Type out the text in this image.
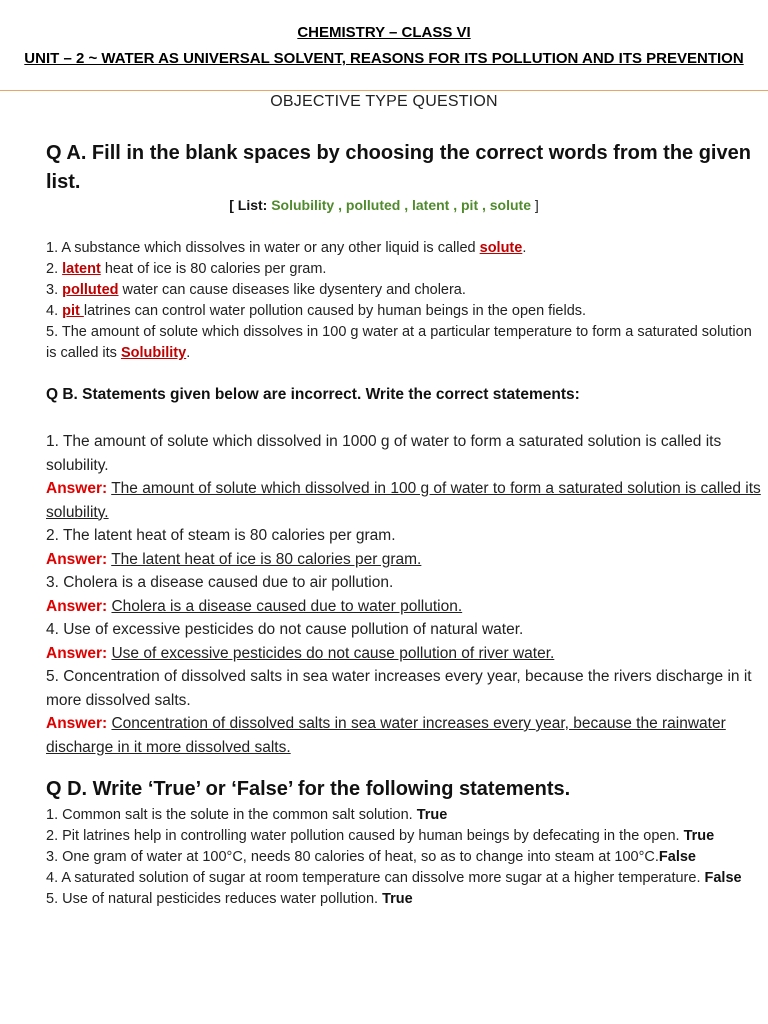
CHEMISTRY – CLASS VI
UNIT – 2 ~ WATER AS UNIVERSAL SOLVENT, REASONS FOR ITS POLLUTION AND ITS PREVENTION
OBJECTIVE TYPE QUESTION
Q A. Fill in the blank spaces by choosing the correct words from the given list.
[ List: Solubility , polluted , latent , pit , solute ]

1. A substance which dissolves in water or any other liquid is called solute.

2. latent heat of ice is 80 calories per gram.

3. polluted water can cause diseases like dysentery and cholera.

4. pit latrines can control water pollution caused by human beings in the open fields.

5. The amount of solute which dissolves in 100 g water at a particular temperature to form a saturated solution is called its Solubility.

Q B. Statements given below are incorrect. Write the correct statements:

1. The amount of solute which dissolved in 1000 g of water to form a saturated solution is called its solubility.

Answer: The amount of solute which dissolved in 100 g of water to form a saturated solution is called its solubility.

2. The latent heat of steam is 80 calories per gram.

Answer: The latent heat of ice is 80 calories per gram.

3. Cholera is a disease caused due to air pollution.

Answer: Cholera is a disease caused due to water pollution.

4. Use of excessive pesticides do not cause pollution of natural water.

Answer: Use of excessive pesticides do not cause pollution of river water.

5. Concentration of dissolved salts in sea water increases every year, because the rivers discharge in it more dissolved salts.

Answer: Concentration of dissolved salts in sea water increases every year, because the rainwater discharge in it more dissolved salts.

Q D. Write ‘True’ or ‘False’ for the following statements.

1. Common salt is the solute in the common salt solution. True

2. Pit latrines help in controlling water pollution caused by human beings by defecating in the open. True

3. One gram of water at 100°C, needs 80 calories of heat, so as to change into steam at 100°C.False

4. A saturated solution of sugar at room temperature can dissolve more sugar at a higher temperature. False

5. Use of natural pesticides reduces water pollution. True
